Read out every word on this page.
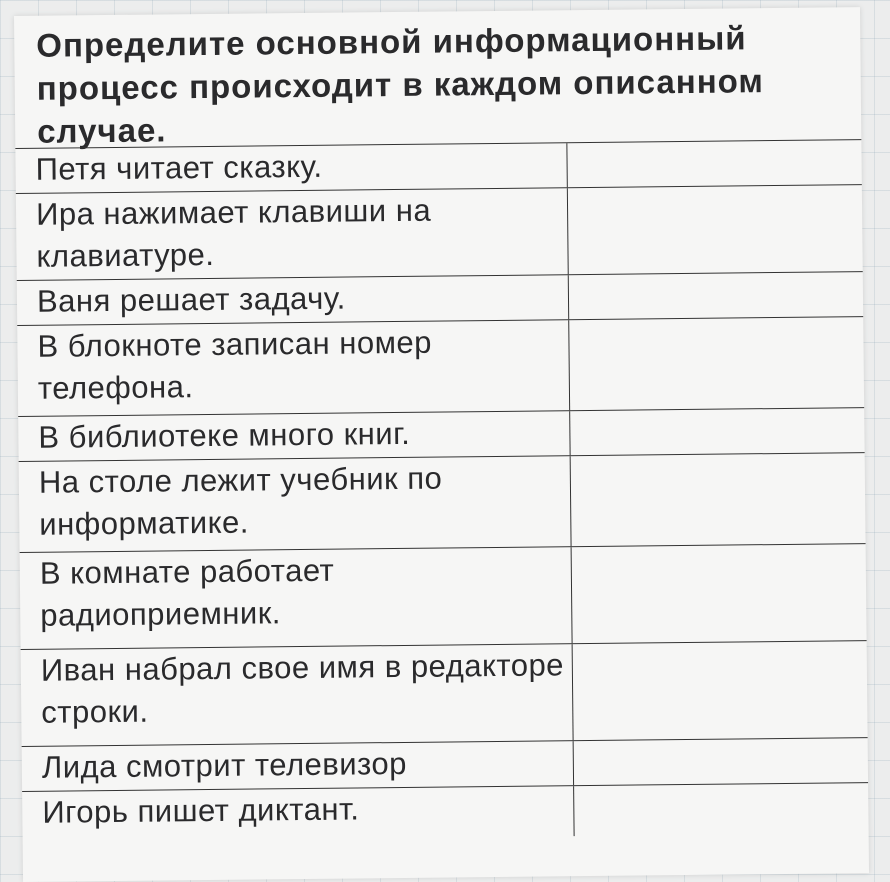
Определите основной информационный процесс происходит в каждом описанном случае.
Петя читает сказку.
Ира нажимает клавиши на клавиатуре.
Ваня решает задачу.
В блокноте записан номер телефона.
В библиотеке много книг.
На столе лежит учебник по информатике.
В комнате работает радиоприемник.
Иван набрал свое имя в редакторе строки.
Лида смотрит телевизор
Игорь пишет диктант.
